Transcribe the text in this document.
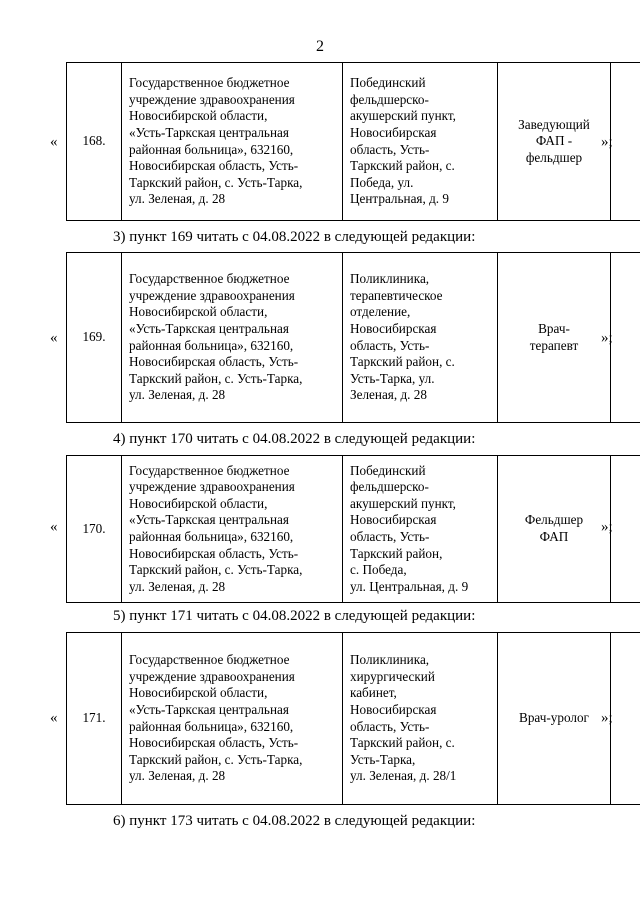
2
« 168.	Государственное бюджетное
учреждение здравоохранения
Новосибирской области,
«Усть-Таркская центральная
районная больница», 632160,
Новосибирская область, Усть-
Таркский район, с. Усть-Тарка,
ул. Зеленая, д. 28	Побединский
фельдшерско-
акушерский пункт,
Новосибирская
область, Усть-
Таркский район, с.
Победа, ул.
Центральная, д. 9	Заведующий
ФАП -
фельдшер	
»;
3) пункт 169 читать с 04.08.2022 в следующей редакции:
« 169.	Государственное бюджетное
учреждение здравоохранения
Новосибирской области,
«Усть-Таркская центральная
районная больница», 632160,
Новосибирская область, Усть-
Таркский район, с. Усть-Тарка,
ул. Зеленая, д. 28	Поликлиника,
терапевтическое
отделение,
Новосибирская
область, Усть-
Таркский район, с.
Усть-Тарка, ул.
Зеленая, д. 28	Врач-
терапевт	»;
4) пункт 170 читать с 04.08.2022 в следующей редакции:
« 170.	Государственное бюджетное
учреждение здравоохранения
Новосибирской области,
«Усть-Таркская центральная
районная больница», 632160,
Новосибирская область, Усть-
Таркский район, с. Усть-Тарка,
ул. Зеленая, д. 28	Побединский
фельдшерско-
акушерский пункт,
Новосибирская
область, Усть-
Таркский район,
с. Победа,
ул. Центральная, д. 9	Фельдшер
ФАП	
»;
5) пункт 171 читать с 04.08.2022 в следующей редакции:
« 171.	Государственное бюджетное
учреждение здравоохранения
Новосибирской области,
«Усть-Таркская центральная
районная больница», 632160,
Новосибирская область, Усть-
Таркский район, с. Усть-Тарка,
ул. Зеленая, д. 28	Поликлиника,
хирургический
кабинет,
Новосибирская
область, Усть-
Таркский район, с.
Усть-Тарка,
ул. Зеленая, д. 28/1	Врач-уролог	»;
6) пункт 173 читать с 04.08.2022 в следующей редакции:
